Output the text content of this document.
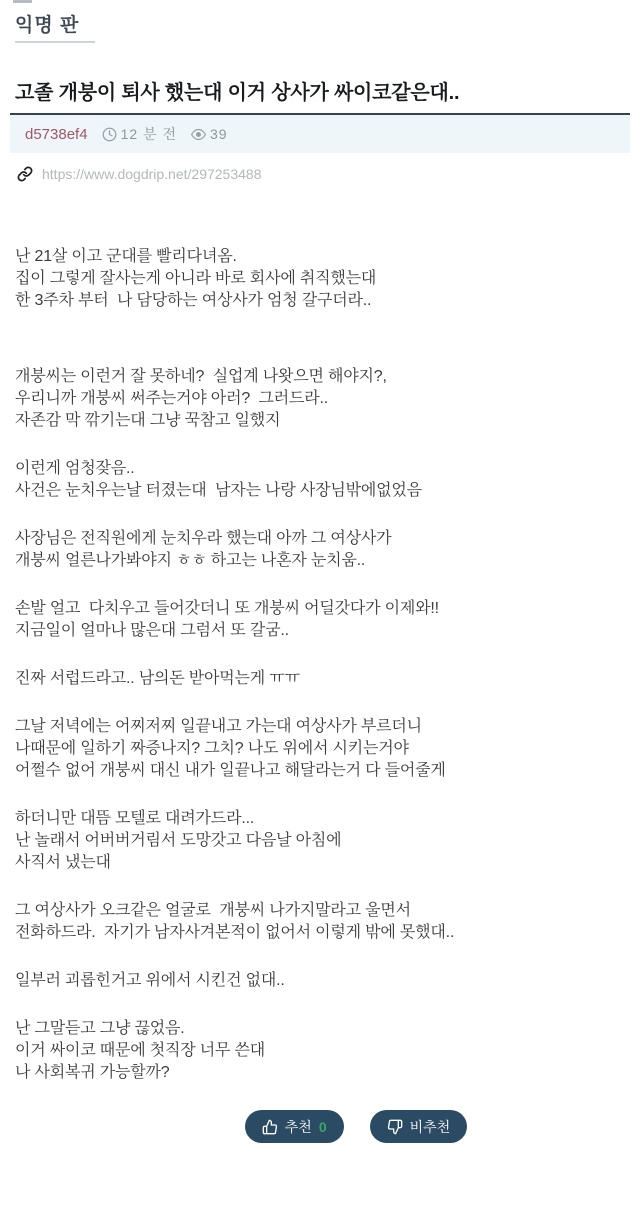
익명 판
고졸 개붕이 퇴사 했는대 이거 상사가 싸이코같은대..
d5738ef4 12 분 전 39
https://www.dogdrip.net/297253488
난 21살 이고 군대를 빨리다녀옴.
집이 그렇게 잘사는게 아니라 바로 회사에 취직했는대
한 3주차 부터  나 담당하는 여상사가 엄청 갈구더라..
개붕씨는 이런거 잘 못하네?  실업계 나왓으면 해야지?,
우리니까 개붕씨 써주는거야 아러?  그러드라..
자존감 막 깎기는대 그냥 꾹참고 일했지
이런게 엄청잦음..
사건은 눈치우는날 터졌는대  남자는 나랑 사장님밖에없었음
사장님은 전직원에게 눈치우라 했는대 아까 그 여상사가
개붕씨 얼른나가봐야지 ㅎㅎ 하고는 나혼자 눈치움..
손발 얼고  다치우고 들어갓더니 또 개붕씨 어딜갓다가 이제와!!
지금일이 얼마나 많은대 그럼서 또 갈굼..
진짜 서럽드라고.. 남의돈 받아먹는게 ㅠㅠ
그날 저녁에는 어찌저찌 일끝내고 가는대 여상사가 부르더니
나때문에 일하기 짜증나지? 그치? 나도 위에서 시키는거야
어쩔수 없어 개붕씨 대신 내가 일끝나고 해달라는거 다 들어줄게
하더니만 대뜸 모텔로 대려가드라...
난 놀래서 어버버거림서 도망갓고 다음날 아침에
사직서 냈는대
그 여상사가 오크같은 얼굴로  개붕씨 나가지말라고 울면서
전화하드라.  자기가 남자사겨본적이 없어서 이렇게 밖에 못했대..
일부러 괴롭힌거고 위에서 시킨건 없대..
난 그말듣고 그냥 끊었음.
이거 싸이코 때문에 첫직장 너무 쓴대
나 사회복귀 가능할까?
추천 0	비추천
